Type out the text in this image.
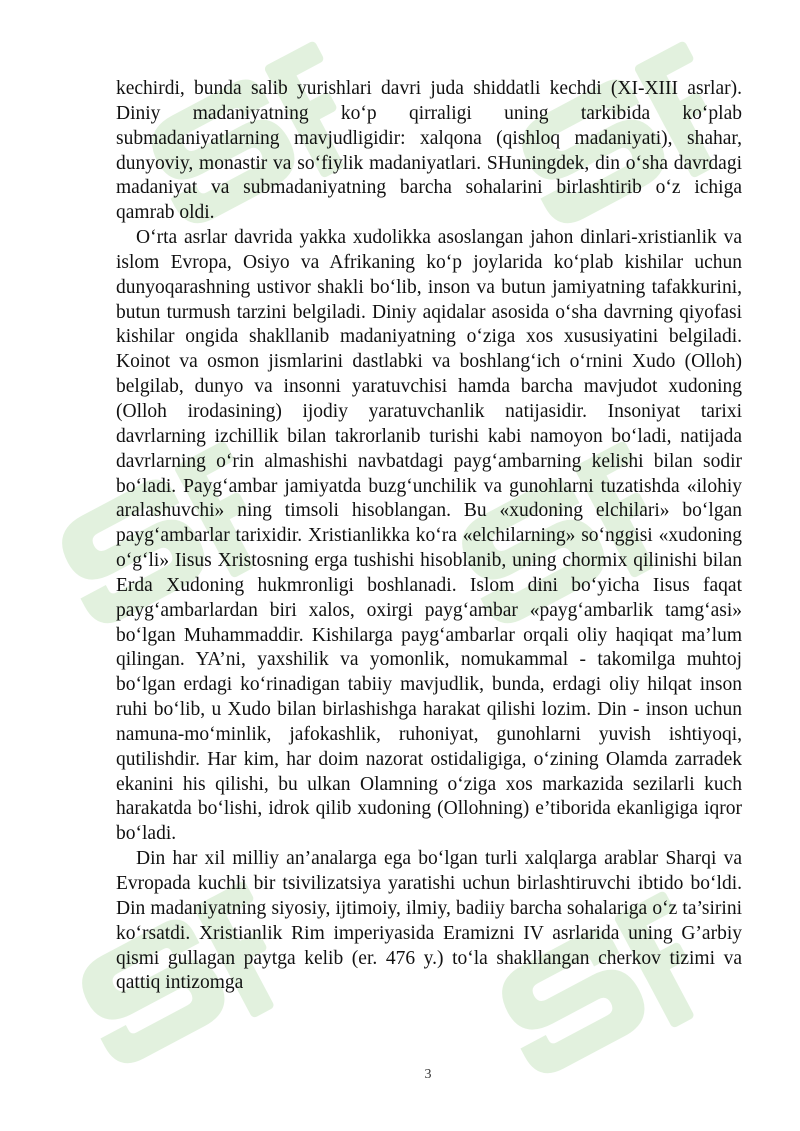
kechirdi, bunda salib yurishlari davri juda shiddatli kechdi (XI-XIII asrlar). Diniy madaniyatning ko‘p qirraligi uning tarkibida ko‘plab submadaniyatlarning mavjudligidir: xalqona (qishloq madaniyati), shahar, dunyoviy, monastir va so‘fiylik madaniyatlari. SHuningdek, din o‘sha davrdagi madaniyat va submadaniyatning barcha sohalarini birlashtirib o‘z ichiga qamrab oldi.

O‘rta asrlar davrida yakka xudolikka asoslangan jahon dinlari-xristianlik va islom Evropa, Osiyo va Afrikaning ko‘p joylarida ko‘plab kishilar uchun dunyoqarashning ustivor shakli bo‘lib, inson va butun jamiyatning tafakkurini, butun turmush tarzini belgiladi. Diniy aqidalar asosida o‘sha davrning qiyofasi kishilar ongida shakllanib madaniyatning o‘ziga xos xususiyatini belgiladi. Koinot va osmon jismlarini dastlabki va boshlang‘ich o‘rnini Xudo (Olloh) belgilab, dunyo va insonni yaratuvchisi hamda barcha mavjudot xudoning (Olloh irodasining) ijodiy yaratuvchanlik natijasidir. Insoniyat tarixi davrlarning izchillik bilan takrorlanib turishi kabi namoyon bo‘ladi, natijada davrlarning o‘rin almashishi navbatdagi payg‘ambarning kelishi bilan sodir bo‘ladi. Payg‘ambar jamiyatda buzg‘unchilik va gunohlarni tuzatishda «ilohiy aralashuvchi» ning timsoli hisoblangan. Bu «xudoning elchilari» bo‘lgan payg‘ambarlar tarixidir. Xristianlikka ko‘ra «elchilarning» so‘nggisi «xudoning o‘g‘li» Iisus Xristosning erga tushishi hisoblanib, uning chormix qilinishi bilan Erda Xudoning hukmronligi boshlanadi. Islom dini bo‘yicha Iisus faqat payg‘ambarlardan biri xalos, oxirgi payg‘ambar «payg‘ambarlik tamg‘asi» bo‘lgan Muhammaddir. Kishilarga payg‘ambarlar orqali oliy haqiqat ma’lum qilingan. YA’ni, yaxshilik va yomonlik, nomukammal - takomilga muhtoj bo‘lgan erdagi ko‘rinadigan tabiiy mavjudlik, bunda, erdagi oliy hilqat inson ruhi bo‘lib, u Xudo bilan birlashishga harakat qilishi lozim. Din - inson uchun namuna-mo‘minlik, jafokashlik, ruhoniyat, gunohlarni yuvish ishtiyoqi, qutilishdir. Har kim, har doim nazorat ostidaligiga, o‘zining Olamda zarradek ekanini his qilishi, bu ulkan Olamning o‘ziga xos markazida sezilarli kuch harakatda bo‘lishi, idrok qilib xudoning (Ollohning) e’tiborida ekanligiga iqror bo‘ladi.

Din har xil milliy an’analarga ega bo‘lgan turli xalqlarga arablar Sharqi va Evropada kuchli bir tsivilizatsiya yaratishi uchun birlashtiruvchi ibtido bo‘ldi. Din madaniyatning siyosiy, ijtimoiy, ilmiy, badiiy barcha sohalariga o‘z ta’sirini ko‘rsatdi. Xristianlik Rim imperiyasida Eramizni IV asrlarida uning G’arbiy qismi gullagan paytga kelib (er. 476 y.) to‘la shakllangan cherkov tizimi va qattiq intizomga

3
